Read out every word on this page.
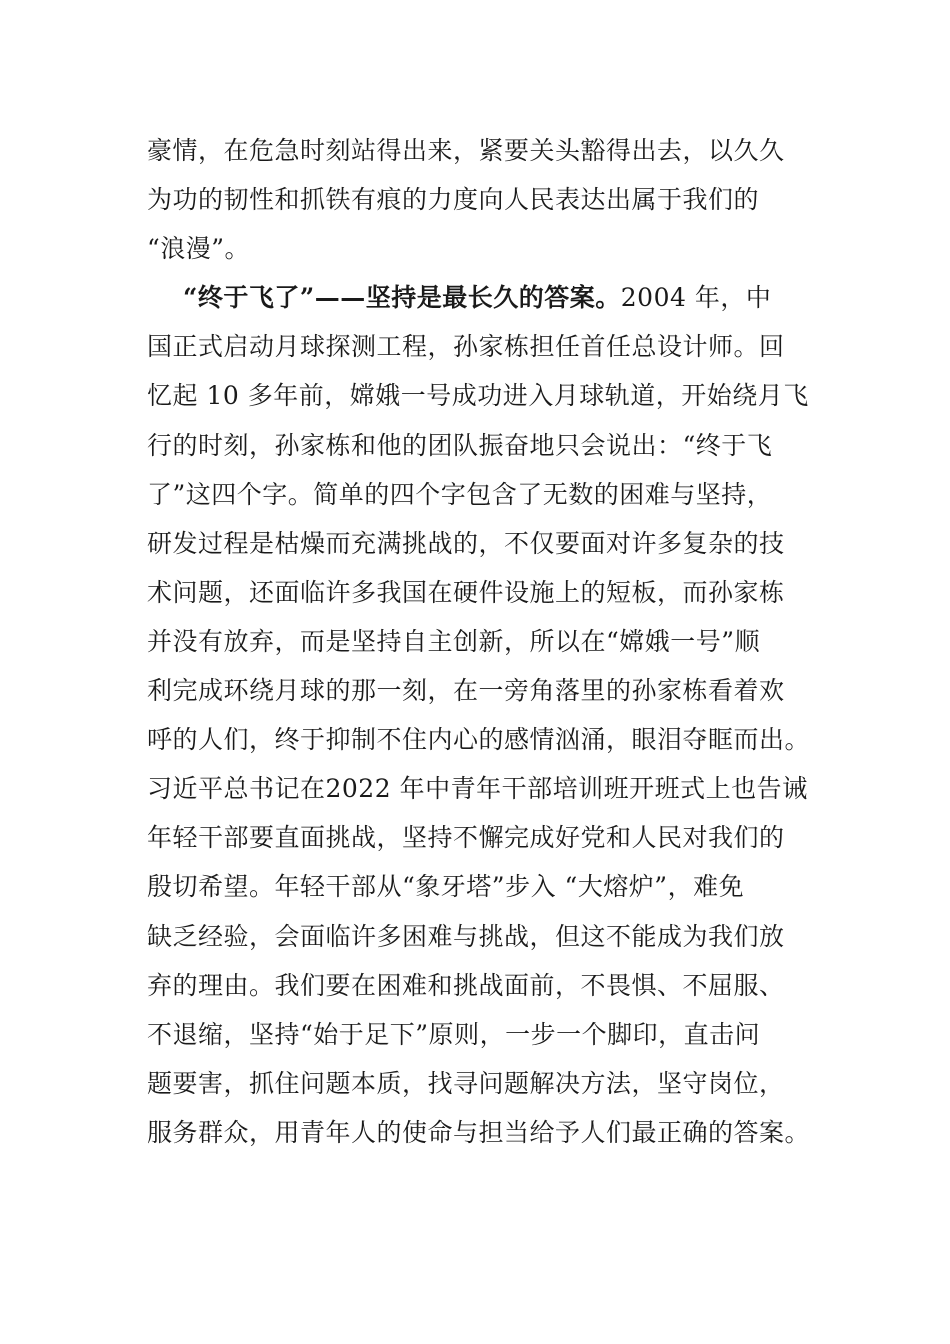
豪情，在危急时刻站得出来，紧要关头豁得出去，以久久
为功的韧性和抓铁有痕的力度向人民表达出属于我们的
“浪漫”。
“终于飞了”——坚持是最长久的答案。2004 年，中
国正式启动月球探测工程，孙家栋担任首任总设计师。回
忆起 10 多年前，嫦娥一号成功进入月球轨道，开始绕月飞
行的时刻，孙家栋和他的团队振奋地只会说出：“终于飞
了”这四个字。简单的四个字包含了无数的困难与坚持，
研发过程是枯燥而充满挑战的，不仅要面对许多复杂的技
术问题，还面临许多我国在硬件设施上的短板，而孙家栋
并没有放弃，而是坚持自主创新，所以在“嫦娥一号”顺
利完成环绕月球的那一刻，在一旁角落里的孙家栋看着欢
呼的人们，终于抑制不住内心的感情汹涌，眼泪夺眶而出。
习近平总书记在2022 年中青年干部培训班开班式上也告诫
年轻干部要直面挑战，坚持不懈完成好党和人民对我们的
殷切希望。年轻干部从“象牙塔”步入 “大熔炉”，难免
缺乏经验，会面临许多困难与挑战，但这不能成为我们放
弃的理由。我们要在困难和挑战面前，不畏惧、不屈服、
不退缩，坚持“始于足下”原则，一步一个脚印，直击问
题要害，抓住问题本质，找寻问题解决方法，坚守岗位，
服务群众，用青年人的使命与担当给予人们最正确的答案。
